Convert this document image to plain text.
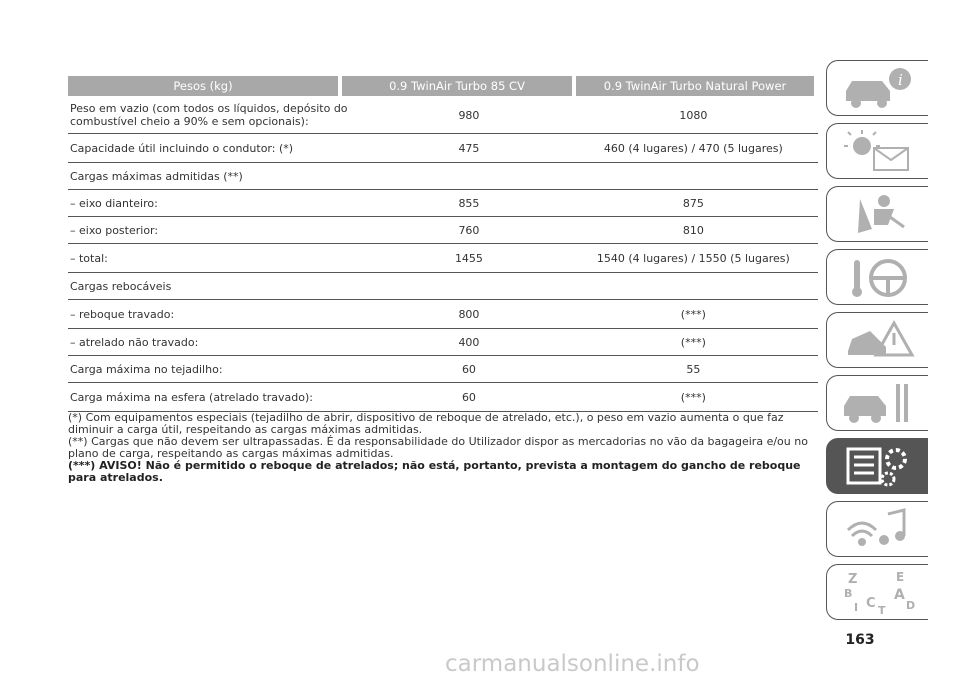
Pesos (kg)	0.9 TwinAir Turbo 85 CV	0.9 TwinAir Turbo Natural Power
Peso em vazio (com todos os líquidos, depósito do combustível cheio a 90% e sem opcionais):	980	1080
Capacidade útil incluindo o condutor: (*)	475	460 (4 lugares) / 470 (5 lugares)
Cargas máximas admitidas (**)
– eixo dianteiro:	855	875
– eixo posterior:	760	810
– total:	1455	1540 (4 lugares) / 1550 (5 lugares)
Cargas rebocáveis
– reboque travado:	800	(***)
– atrelado não travado:	400	(***)
Carga máxima no tejadilho:	60	55
Carga máxima na esfera (atrelado travado):	60	(***)

(*) Com equipamentos especiais (tejadilho de abrir, dispositivo de reboque de atrelado, etc.), o peso em vazio aumenta o que faz diminuir a carga útil, respeitando as cargas máximas admitidas.

(**) Cargas que não devem ser ultrapassadas. É da responsabilidade do Utilizador dispor as mercadorias no vão da bagageira e/ou no plano de carga, respeitando as cargas máximas admitidas.

(***) AVISO! Não é permitido o reboque de atrelados; não está, portanto, prevista a montagem do gancho de reboque para atrelados.

i
Z	E
B	A
C	D
I T
163
carmanualsonline.info
